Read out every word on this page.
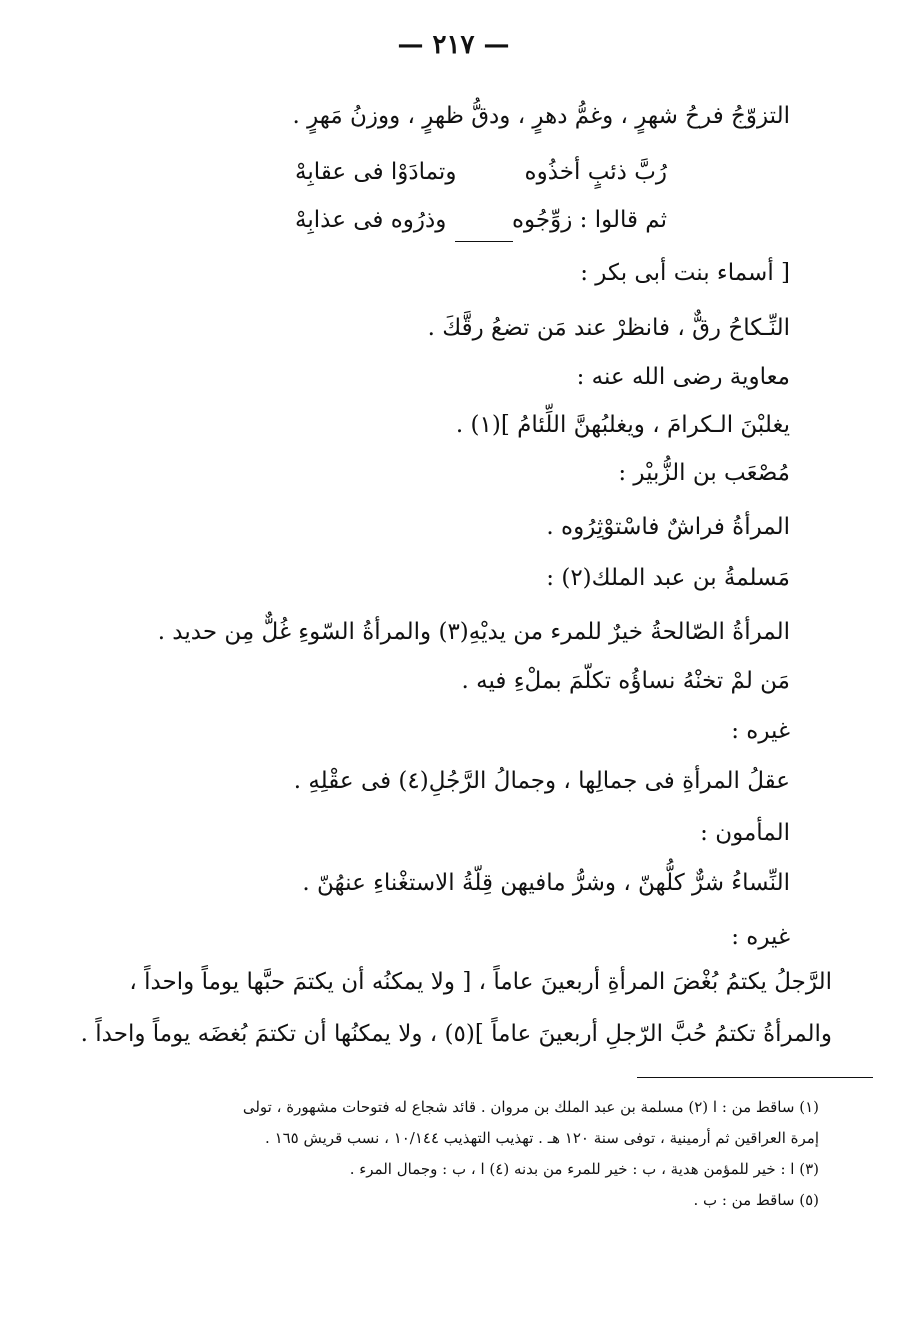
— ٢١٧ —
التزوّجُ فرحُ شهرٍ ، وغمُّ دهرٍ ، ودقُّ ظهرٍ ، ووزنُ مَهرٍ .
رُبَّ ذئبٍ أخذُوه
وتمادَوْا فى عقابِهْ
ثم قالوا : زوِّجُوه
وذرُوه فى عذابِهْ
[ أسماء بنت أبى بكر :
النِّـكاحُ رقٌّ ، فانظرْ عند مَن تضعُ رقَّكَ .
معاوية رضى الله عنه :
يغلبْنَ الـكرامَ ، ويغلبُهنَّ اللِّئامُ ](١) .
مُصْعَب بن الزُّبيْر :
المرأةُ فراشٌ فاسْتوْثِرُوه .
مَسلمةُ بن عبد الملك(٢) :
المرأةُ الصّالحةُ خيرٌ للمرء من يديْهِ(٣) والمرأةُ السّوءِ غُلٌّ مِن حديد .
مَن لمْ تخنْهُ نساؤُه تكلّمَ بملْءِ فيه .
غيره :
عقلُ المرأةِ فى جمالِها ، وجمالُ الرَّجُلِ(٤) فى عقْلِهِ .
المأمون :
النِّساءُ شرٌّ كلُّهنّ ، وشرُّ مافيهن قِلّةُ الاستغْناءِ عنهُنّ .
غيره :
الرَّجلُ يكتمُ بُغْضَ المرأةِ أربعينَ عاماً ، [ ولا يمكنُه أن يكتمَ حبَّها يوماً واحداً ،
والمرأةُ تكتمُ حُبَّ الرّجلِ أربعينَ عاماً ](٥) ، ولا يمكنُها أن تكتمَ بُغضَه يوماً واحداً .
(١) ساقط من : ا (٢) مسلمة بن عبد الملك بن مروان . قائد شجاع له فتوحات مشهورة ، تولى
إمرة العراقين ثم أرمينية ، توفى سنة ١٢٠ هـ . تهذيب التهذيب ١٠/١٤٤ ، نسب قريش ١٦٥ .
(٣) ا : خير للمؤمن هدية ، ب : خير للمرء من بدنه (٤) ا ، ب : وجمال المرء .
(٥) ساقط من : ب .
